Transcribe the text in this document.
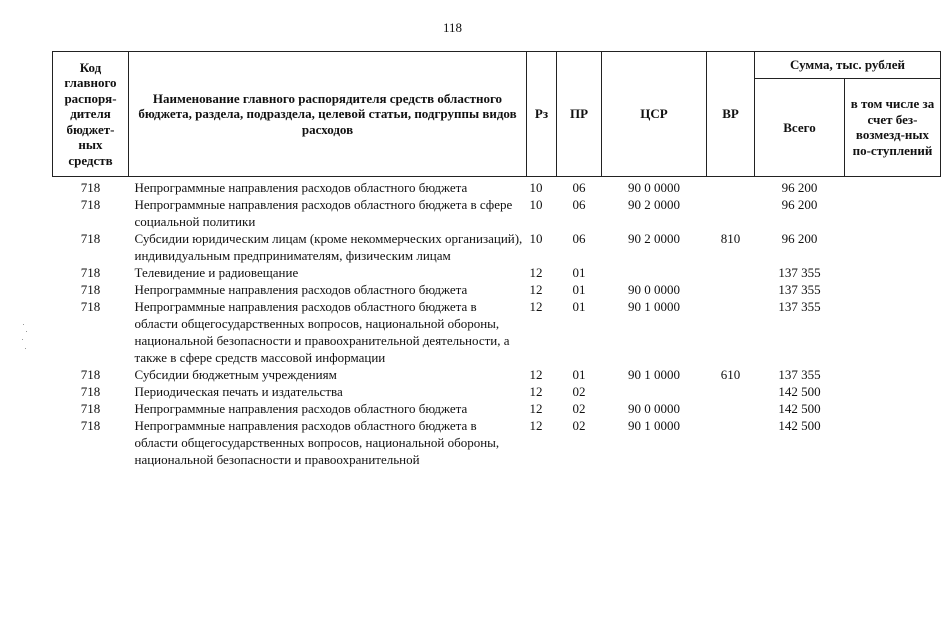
118
Код главного распоря-дителя бюджет-ных средств	Наименование главного распорядителя средств областного бюджета, раздела, подраздела, целевой статьи, подгруппы видов расходов	Рз	ПР	ЦСР	ВР	Сумма, тыс. рублей	
						Всего	в том числе за счет без-возмезд-ных по-ступлений
718	Непрограммные направления расходов областного бюджета	10	06	90 0 0000		96 200	
718	Непрограммные направления расходов областного бюджета в сфере социальной политики	10	06	90 2 0000		96 200	
718	Субсидии юридическим лицам (кроме некоммерческих организаций), индивидуальным предпринимателям, физическим лицам	10	06	90 2 0000	810	96 200	
718	Телевидение и радиовещание	12	01			137 355	
718	Непрограммные направления расходов областного бюджета	12	01	90 0 0000		137 355	
718	Непрограммные направления расходов областного бюджета в области общегосударственных вопросов, национальной обороны, национальной безопасности и правоохранительной деятельности, а также в сфере средств массовой информации	12	01	90 1 0000		137 355	
718	Субсидии бюджетным учреждениям	12	01	90 1 0000	610	137 355	
718	Периодическая печать и издательства	12	02			142 500	
718	Непрограммные направления расходов областного бюджета	12	02	90 0 0000		142 500	
718	Непрограммные направления расходов областного бюджета в области общегосударственных вопросов, национальной обороны, национальной безопасности и правоохранительной	12	02	90 1 0000		142 500	
